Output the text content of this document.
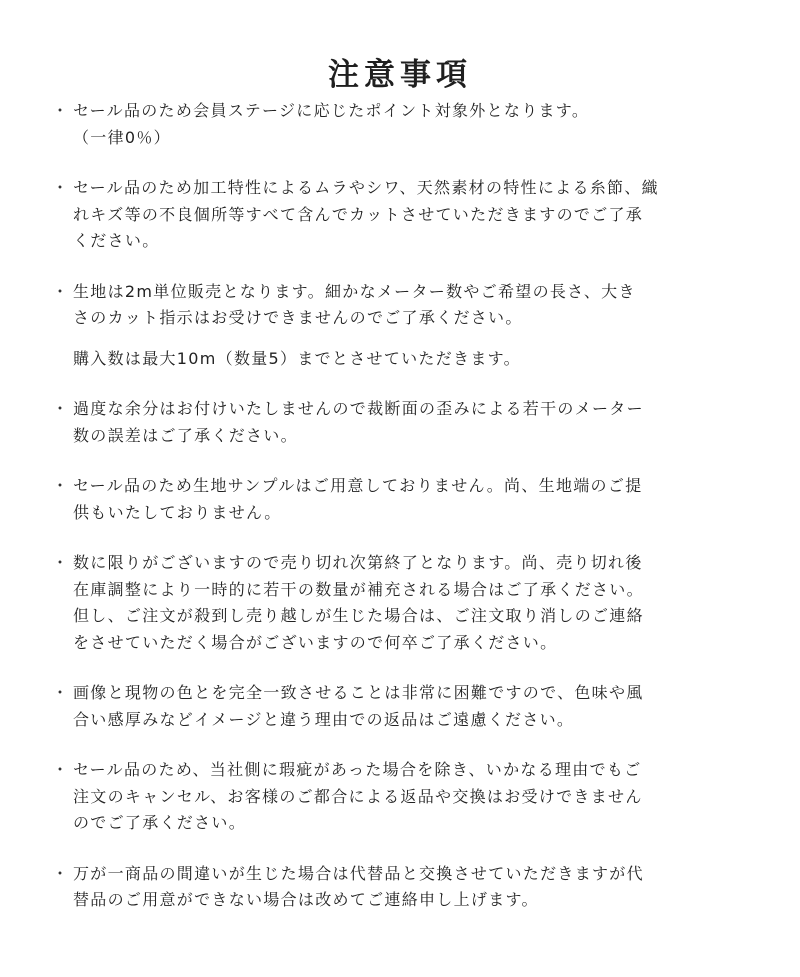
注意事項
・ セール品のため会員ステージに応じたポイント対象外となります。
（一律0％）
・ セール品のため加工特性によるムラやシワ、天然素材の特性による糸節、織
れキズ等の不良個所等すべて含んでカットさせていただきますのでご了承
ください。
・ 生地は2m単位販売となります。細かなメーター数やご希望の長さ、大き
さのカット指示はお受けできませんのでご了承ください。
購入数は最大10m（数量5）までとさせていただきます。
・ 過度な余分はお付けいたしませんので裁断面の歪みによる若干のメーター
数の誤差はご了承ください。
・ セール品のため生地サンプルはご用意しておりません。尚、生地端のご提
供もいたしておりません。
・ 数に限りがございますので売り切れ次第終了となります。尚、売り切れ後
在庫調整により一時的に若干の数量が補充される場合はご了承ください。
但し、ご注文が殺到し売り越しが生じた場合は、ご注文取り消しのご連絡
をさせていただく場合がございますので何卒ご了承ください。
・ 画像と現物の色とを完全一致させることは非常に困難ですので、色味や風
合い感厚みなどイメージと違う理由での返品はご遠慮ください。
・ セール品のため、当社側に瑕疵があった場合を除き、いかなる理由でもご
注文のキャンセル、お客様のご都合による返品や交換はお受けできません
のでご了承ください。
・ 万が一商品の間違いが生じた場合は代替品と交換させていただきますが代
替品のご用意ができない場合は改めてご連絡申し上げます。
